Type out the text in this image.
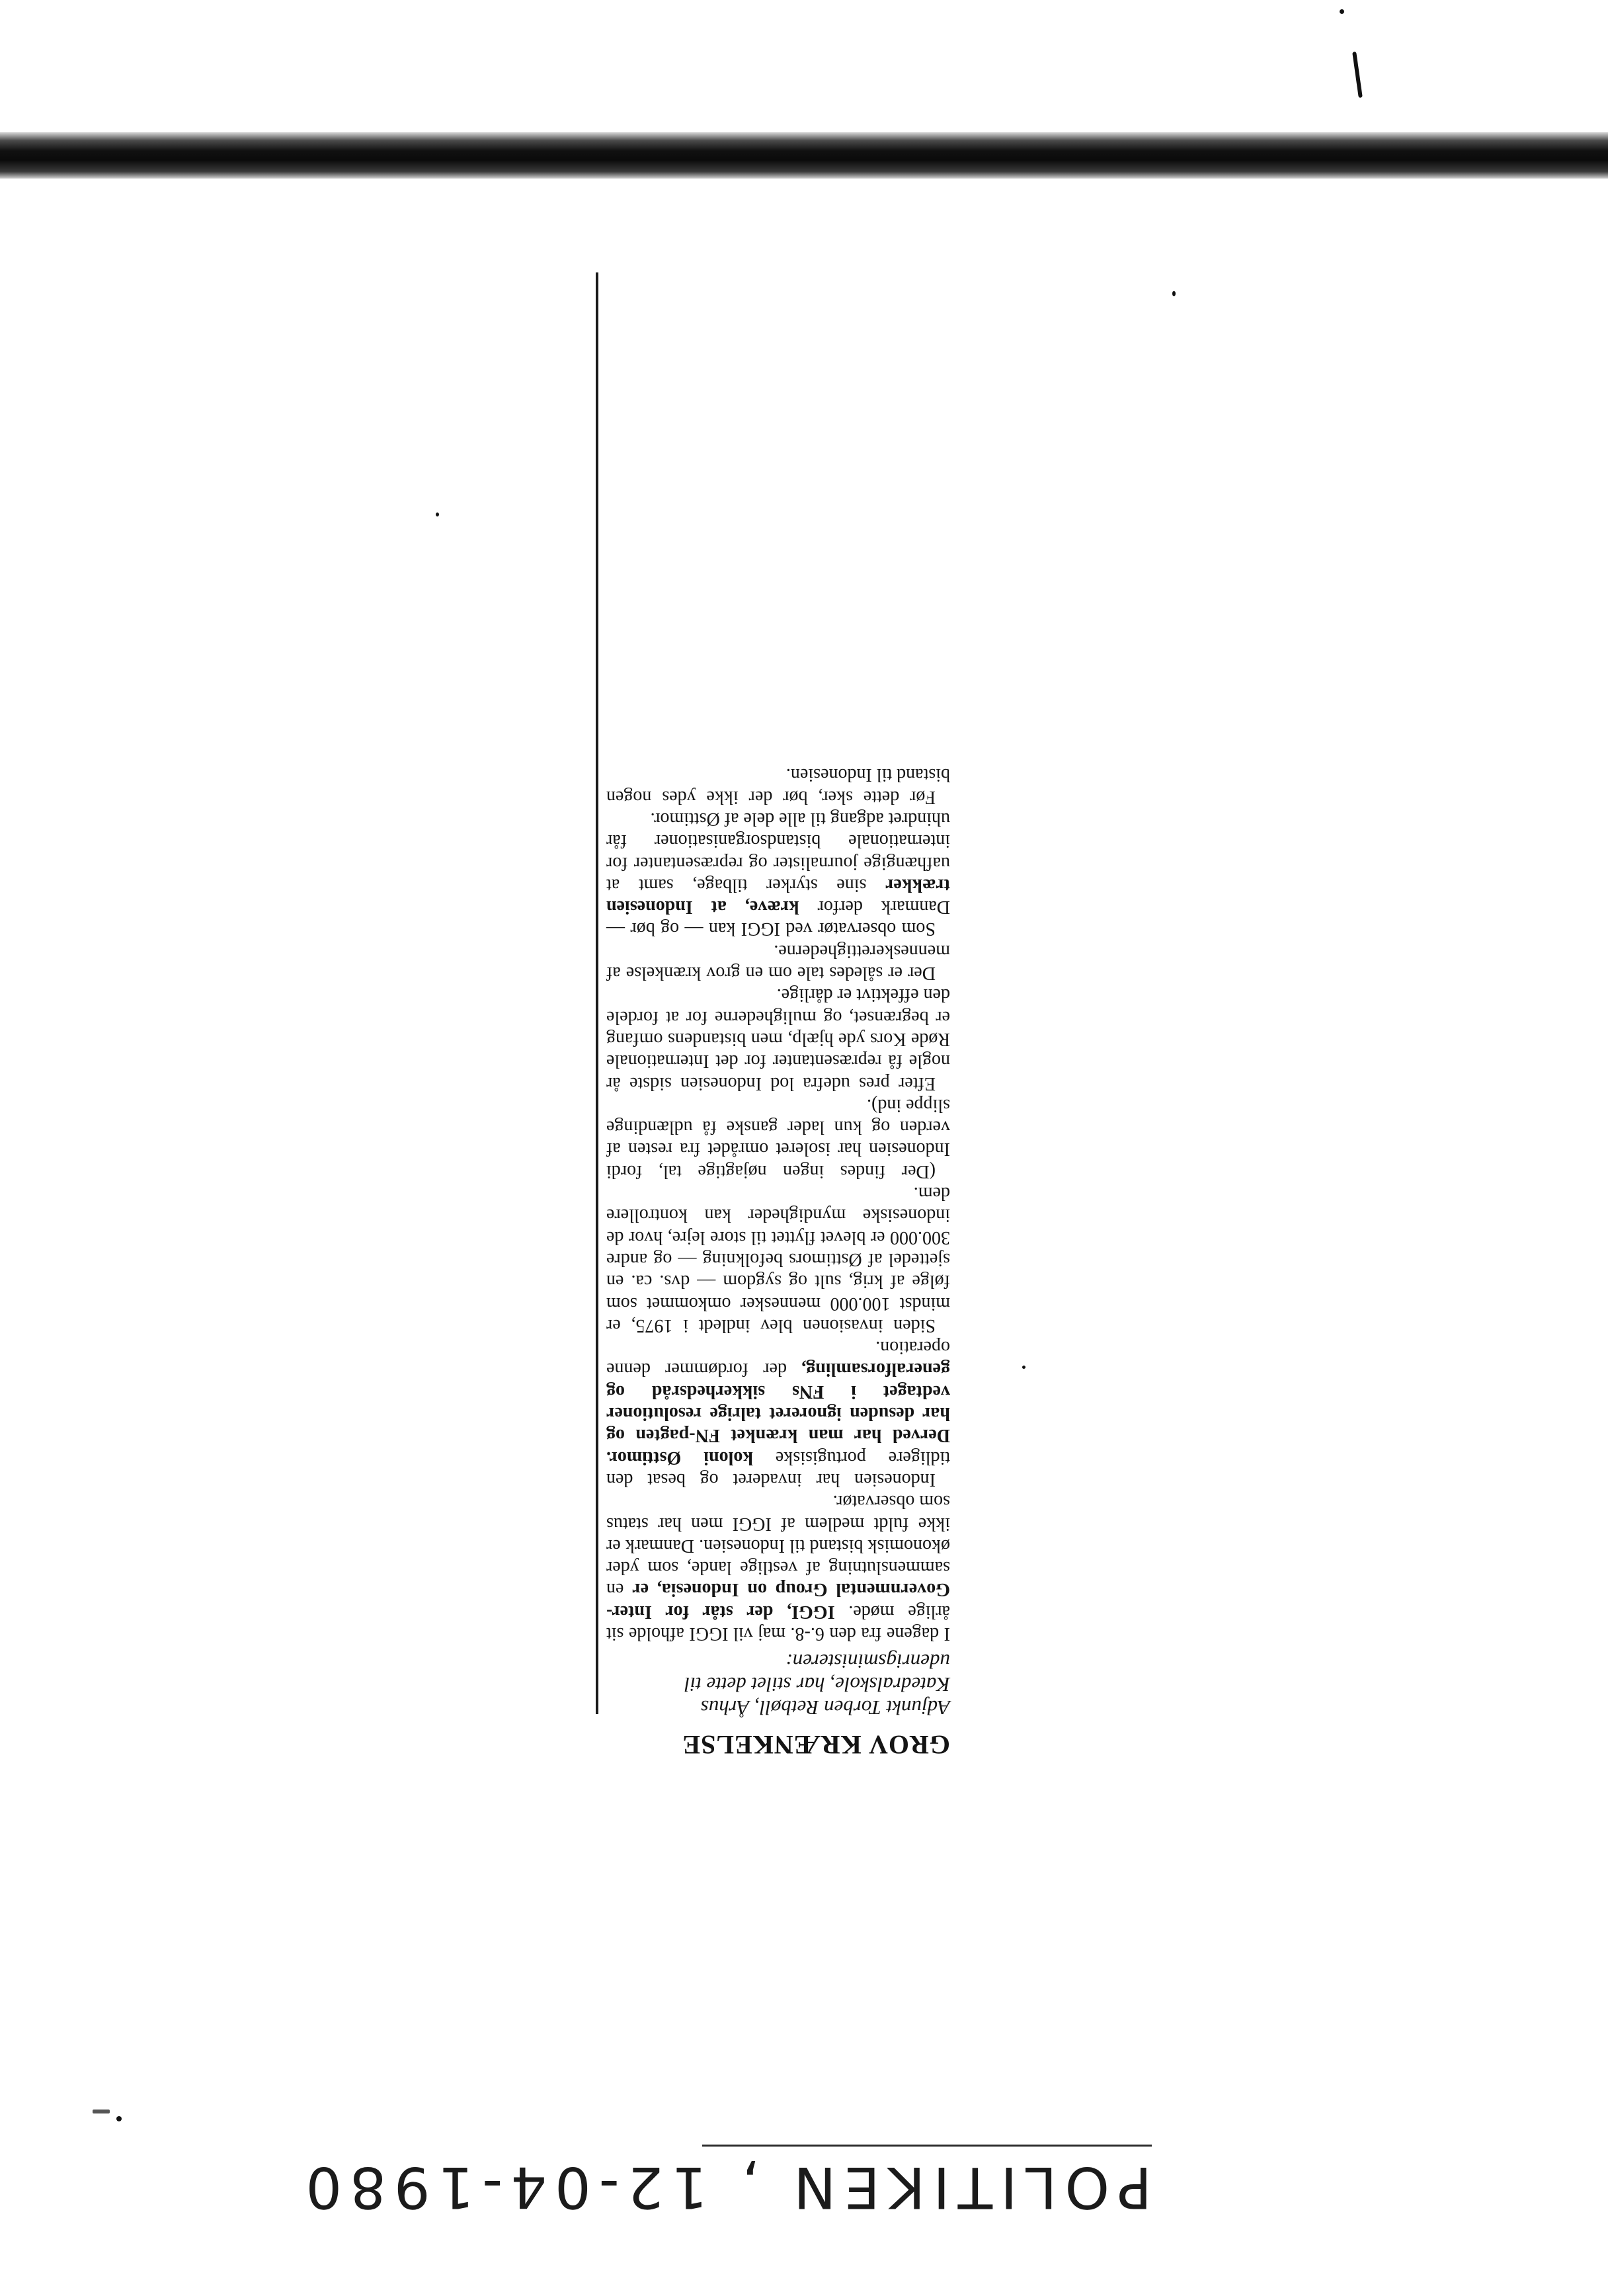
POLITIKEN , 12-04-1980
GROV KRÆNKELSE

Adjunkt Torben Retbøll, Århus Katedralskole, har stilet dette til udenrigsministeren:

I dagene fra den 6.-8. maj vil IGGI afholde sit årlige møde. IGGI, der står for Inter-Governmental Group on Indonesia, er en sammenslutning af vestlige lande, som yder økonomisk bistand til Indonesien. Danmark er ikke fuldt medlem af IGGI men har status som observatør.

Indonesien har invaderet og besat den tidligere portugisiske koloni Østtimor. Derved har man krænket FN-pagten og har desuden ignoreret talrige resolutioner vedtaget i FNs sikkerhedsråd og generalforsamling, der fordømmer denne operation.

Siden invasionen blev indledt i 1975, er mindst 100.000 mennesker omkommet som følge af krig, sult og sygdom — dvs. ca. en sjettedel af Østtimors befolkning — og andre 300.000 er blevet flyttet til store lejre, hvor de indonesiske myndigheder kan kontrollere dem.

(Der findes ingen nøjagtige tal, fordi Indonesien har isoleret området fra resten af verden og kun lader ganske få udlændinge slippe ind).

Efter pres udefra lod Indonesien sidste år nogle få repræsentanter for det Internationale Røde Kors yde hjælp, men bistandens omfang er begrænset, og mulighederne for at fordele den effektivt er dårlige.

Der er således tale om en grov krænkelse af menneskerettighederne.

Som observatør ved IGGI kan — og bør — Danmark derfor kræve, at Indonesien trækker sine styrker tilbage, samt at uafhængige journalister og repræsentanter for internationale bistandsorganisationer får uhindret adgang til alle dele af Østtimor.

Før dette sker, bør der ikke ydes nogen bistand til Indonesien.
